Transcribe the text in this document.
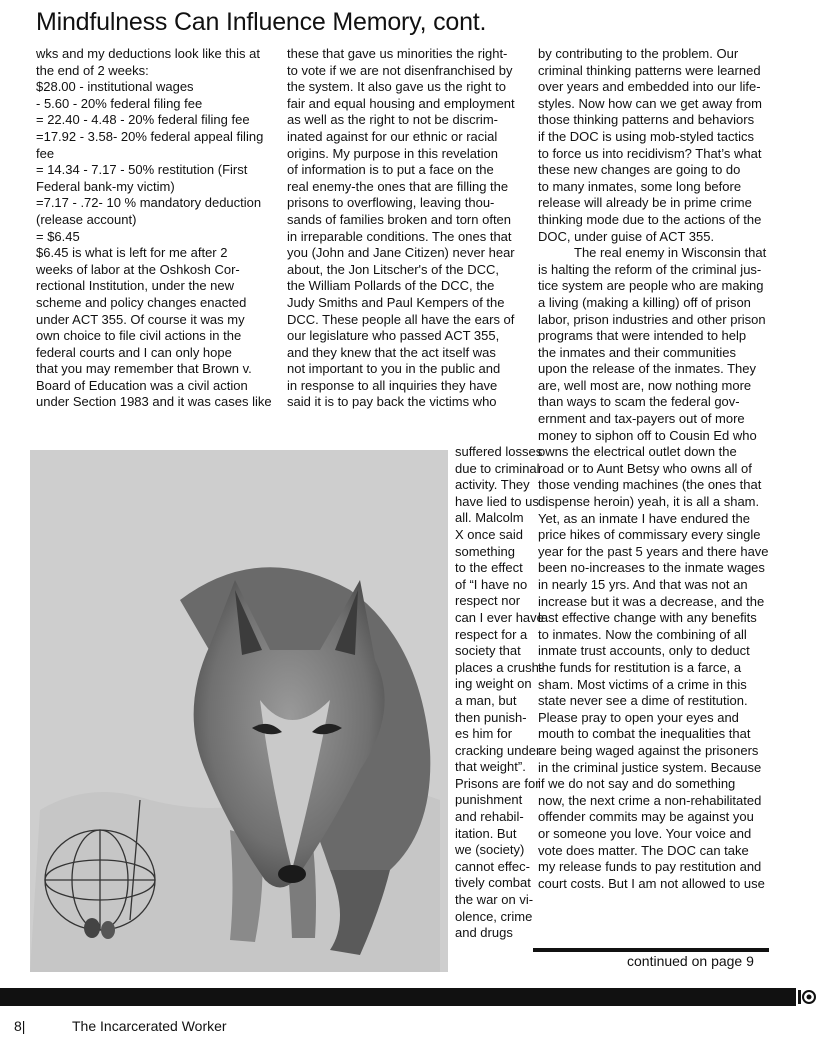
Mindfulness Can Influence Memory, cont.
wks and my deductions look like this at
the end of 2 weeks:
$28.00 - institutional wages
- 5.60 - 20% federal filing fee
= 22.40 - 4.48 - 20% federal filing fee
=17.92 - 3.58- 20% federal appeal filing
fee
= 14.34 - 7.17 - 50% restitution (First
Federal bank-my victim)
=7.17 - .72- 10 % mandatory deduction
(release account)
= $6.45
$6.45 is what is left for me after 2
weeks of labor at the Oshkosh Cor-
rectional Institution, under the new
scheme and policy changes enacted
under ACT 355. Of course it was my
own choice to file civil actions in the
federal courts and I can only hope
that you may remember that Brown v.
Board of Education was a civil action
under Section 1983 and it was cases like
these that gave us minorities the right-
to vote if we are not disenfranchised by
the system. It also gave us the right to
fair and equal housing and employment
as well as the right to not be discrim-
inated against for our ethnic or racial
origins. My purpose in this revelation
of information is to put a face on the
real enemy-the ones that are filling the
prisons to overflowing, leaving thou-
sands of families broken and torn often
in irreparable conditions. The ones that
you (John and Jane Citizen) never hear
about, the Jon Litscher's of the DCC,
the William Pollards of the DCC, the
Judy Smiths and Paul Kempers of the
DCC. These people all have the ears of
our legislature who passed ACT 355,
and they knew that the act itself was
not important to you in the public and
in response to all inquiries they have
said it is to pay back the victims who
suffered losses
due to criminal
activity. They
have lied to us
all. Malcolm
X once said
something
to the effect
of “I have no
respect nor
can I ever have
respect for a
society that
places a crush-
ing weight on
a man, but
then punish-
es him for
cracking under
that weight”.
Prisons are for
punishment
and rehabil-
itation. But
we (society)
cannot effec-
tively combat
the war on vi-
olence, crime
and drugs

by contributing to the problem. Our
criminal thinking patterns were learned
over years and embedded into our life-
styles. Now how can we get away from
those thinking patterns and behaviors
if the DOC is using mob-styled tactics
to force us into recidivism? That’s what
these new changes are going to do
to many inmates, some long before
release will already be in prime crime
thinking mode due to the actions of the
DOC, under guise of ACT 355.

The real enemy in Wisconsin that
is halting the reform of the criminal jus-
tice system are people who are making
a living (making a killing) off of prison
labor, prison industries and other prison
programs that were intended to help
the inmates and their communities
upon the release of the inmates. They
are, well most are, now nothing more
than ways to scam the federal gov-
ernment and tax-payers out of more
money to siphon off to Cousin Ed who
owns the electrical outlet down the
road or to Aunt Betsy who owns all of
those vending machines (the ones that
dispense heroin) yeah, it is all a sham.
Yet, as an inmate I have endured the
price hikes of commissary every single
year for the past 5 years and there have
been no-increases to the inmate wages
in nearly 15 yrs. And that was not an
increase but it was a decrease, and the
last effective change with any benefits
to inmates. Now the combining of all
inmate trust accounts, only to deduct
the funds for restitution is a farce, a
sham. Most victims of a crime in this
state never see a dime of restitution.
Please pray to open your eyes and
mouth to combat the inequalities that
are being waged against the prisoners
in the criminal justice system. Because
if we do not say and do something
now, the next crime a non-rehabilitated
offender commits may be against you
or someone you love. Your voice and
vote does matter. The DOC can take
my release funds to pay restitution and
court costs. But I am not allowed to use

continued on page 9
8|	The Incarcerated Worker
